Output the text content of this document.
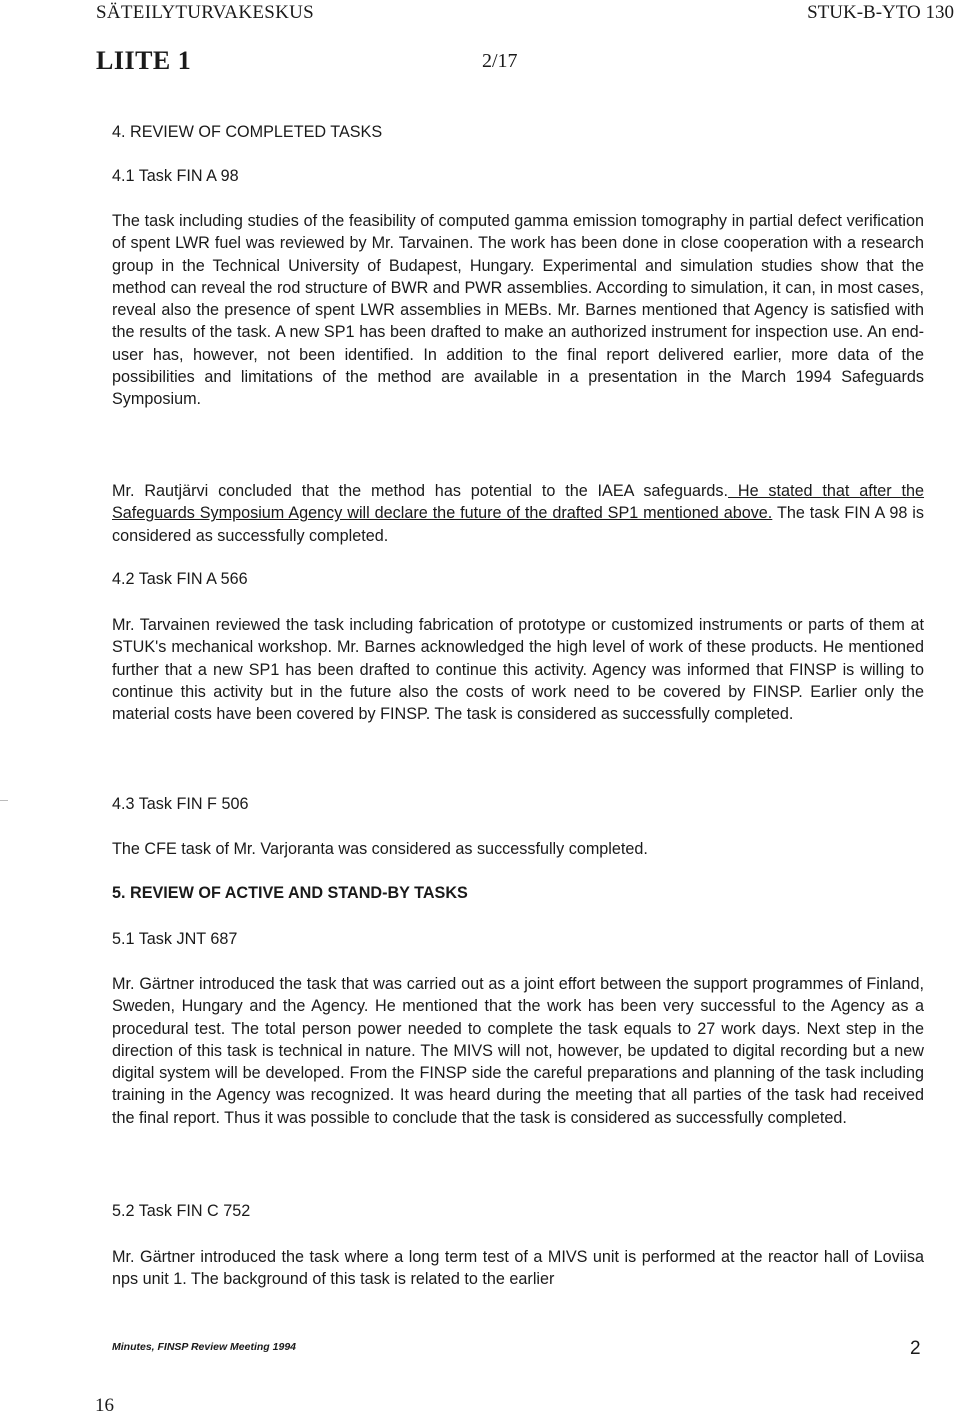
SÄTEILYTURVAKESKUS	STUK-B-YTO 130
LIITE 1	2/17
4. REVIEW OF COMPLETED TASKS
4.1 Task FIN A 98
The task including studies of the feasibility of computed gamma emission tomography in partial defect verification of spent LWR fuel was reviewed by Mr. Tarvainen. The work has been done in close cooperation with a research group in the Technical University of Budapest, Hungary. Experimental and simulation studies show that the method can reveal the rod structure of BWR and PWR assemblies. According to simulation, it can, in most cases, reveal also the presence of spent LWR assemblies in MEBs. Mr. Barnes mentioned that Agency is satisfied with the results of the task. A new SP1 has been drafted to make an authorized instrument for inspection use. An end-user has, however, not been identified. In addition to the final report delivered earlier, more data of the possibilities and limitations of the method are available in a presentation in the March 1994 Safeguards Symposium.
Mr. Rautjärvi concluded that the method has potential to the IAEA safeguards. He stated that after the Safeguards Symposium Agency will declare the future of the drafted SP1 mentioned above. The task FIN A 98 is considered as successfully completed.
4.2 Task FIN A 566
Mr. Tarvainen reviewed the task including fabrication of prototype or customized instruments or parts of them at STUK's mechanical workshop. Mr. Barnes acknowledged the high level of work of these products. He mentioned further that a new SP1 has been drafted to continue this activity. Agency was informed that FINSP is willing to continue this activity but in the future also the costs of work need to be covered by FINSP. Earlier only the material costs have been covered by FINSP. The task is considered as successfully completed.
4.3 Task FIN F 506
The CFE task of Mr. Varjoranta was considered as successfully completed.
5. REVIEW OF ACTIVE AND STAND-BY TASKS
5.1 Task JNT 687
Mr. Gärtner introduced the task that was carried out as a joint effort between the support programmes of Finland, Sweden, Hungary and the Agency. He mentioned that the work has been very successful to the Agency as a procedural test. The total person power needed to complete the task equals to 27 work days. Next step in the direction of this task is technical in nature. The MIVS will not, however, be updated to digital recording but a new digital system will be developed. From the FINSP side the careful preparations and planning of the task including training in the Agency was recognized. It was heard during the meeting that all parties of the task had received the final report. Thus it was possible to conclude that the task is considered as successfully completed.
5.2 Task FIN C 752
Mr. Gärtner introduced the task where a long term test of a MIVS unit is performed at the reactor hall of Loviisa nps unit 1. The background of this task is related to the earlier
Minutes, FINSP Review Meeting 1994	2
16
